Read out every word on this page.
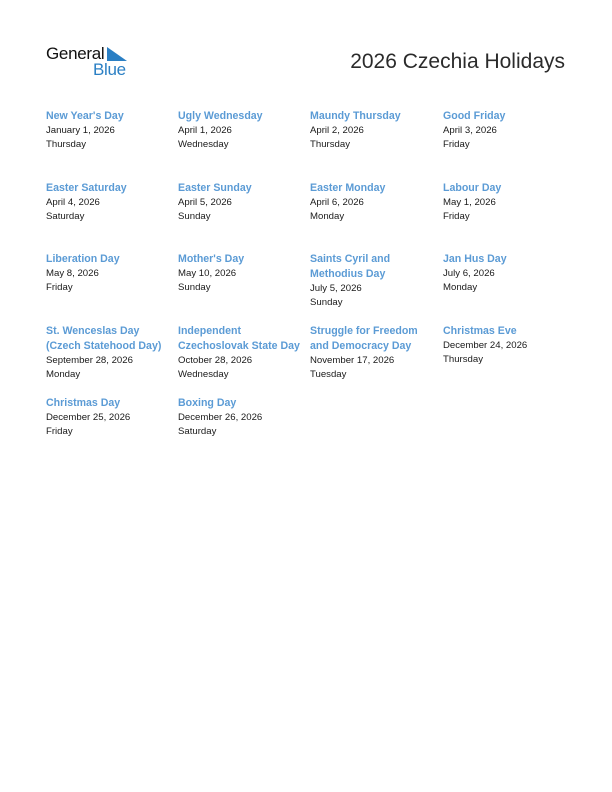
General
Blue	2026 Czechia Holidays
New Year's Day
January 1, 2026
Thursday
Ugly Wednesday
April 1, 2026
Wednesday
Maundy Thursday
April 2, 2026
Thursday
Good Friday
April 3, 2026
Friday
Easter Saturday
April 4, 2026
Saturday
Easter Sunday
April 5, 2026
Sunday
Easter Monday
April 6, 2026
Monday
Labour Day
May 1, 2026
Friday
Liberation Day
May 8, 2026
Friday
Mother's Day
May 10, 2026
Sunday
Saints Cyril and Methodius Day
July 5, 2026
Sunday
Jan Hus Day
July 6, 2026
Monday
St. Wenceslas Day (Czech Statehood Day)
September 28, 2026
Monday
Independent Czechoslovak State Day
October 28, 2026
Wednesday
Struggle for Freedom and Democracy Day
November 17, 2026
Tuesday
Christmas Eve
December 24, 2026
Thursday
Christmas Day
December 25, 2026
Friday
Boxing Day
December 26, 2026
Saturday
